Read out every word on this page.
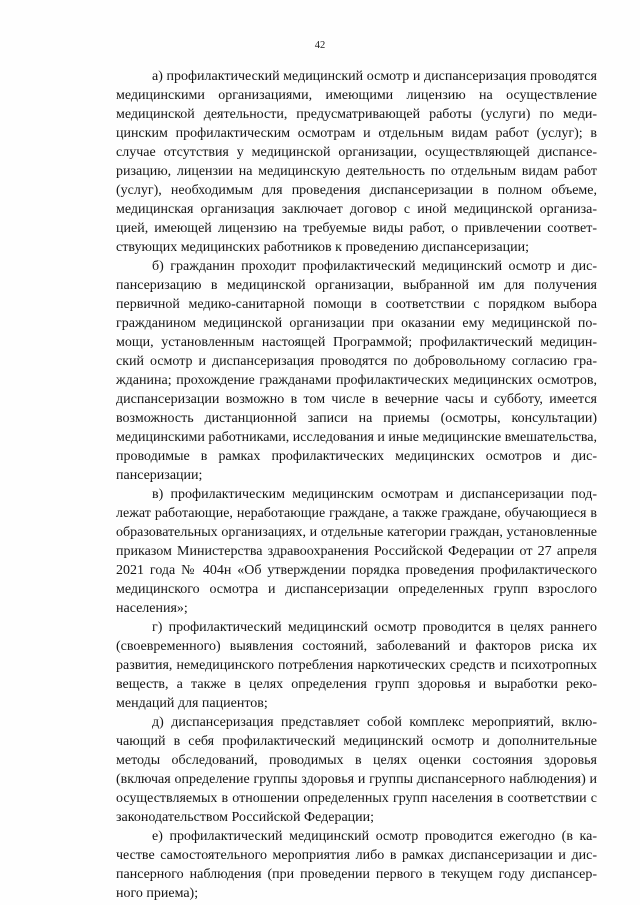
42

а) профилактический медицинский осмотр и диспансеризация проводятся медицинскими организациями, имеющими лицензию на осуществление медицинской деятельности, предусматривающей работы (услуги) по медицинским профилактическим осмотрам и отдельным видам работ (услуг); в случае отсутствия у медицинской организации, осуществляющей диспансеризацию, лицензии на медицинскую деятельность по отдельным видам работ (услуг), необходимым для проведения диспансеризации в полном объеме, медицинская организация заключает договор с иной медицинской организацией, имеющей лицензию на требуемые виды работ, о привлечении соответствующих медицинских работников к проведению диспансеризации;

б) гражданин проходит профилактический медицинский осмотр и диспансеризацию в медицинской организации, выбранной им для получения первичной медико-санитарной помощи в соответствии с порядком выбора гражданином медицинской организации при оказании ему медицинской помощи, установленным настоящей Программой; профилактический медицинский осмотр и диспансеризация проводятся по добровольному согласию гражданина; прохождение гражданами профилактических медицинских осмотров, диспансеризации возможно в том числе в вечерние часы и субботу, имеется возможность дистанционной записи на приемы (осмотры, консультации) медицинскими работниками, исследования и иные медицинские вмешательства, проводимые в рамках профилактических медицинских осмотров и диспансеризации;

в) профилактическим медицинским осмотрам и диспансеризации подлежат работающие, неработающие граждане, а также граждане, обучающиеся в образовательных организациях, и отдельные категории граждан, установленные приказом Министерства здравоохранения Российской Федерации от 27 апреля 2021 года № 404н «Об утверждении порядка проведения профилактического медицинского осмотра и диспансеризации определенных групп взрослого населения»;

г) профилактический медицинский осмотр проводится в целях раннего (своевременного) выявления состояний, заболеваний и факторов риска их развития, немедицинского потребления наркотических средств и психотропных веществ, а также в целях определения групп здоровья и выработки рекомендаций для пациентов;

д) диспансеризация представляет собой комплекс мероприятий, включающий в себя профилактический медицинский осмотр и дополнительные методы обследований, проводимых в целях оценки состояния здоровья (включая определение группы здоровья и группы диспансерного наблюдения) и осуществляемых в отношении определенных групп населения в соответствии с законодательством Российской Федерации;

е) профилактический медицинский осмотр проводится ежегодно (в качестве самостоятельного мероприятия либо в рамках диспансеризации и диспансерного наблюдения (при проведении первого в текущем году диспансерного приема);
